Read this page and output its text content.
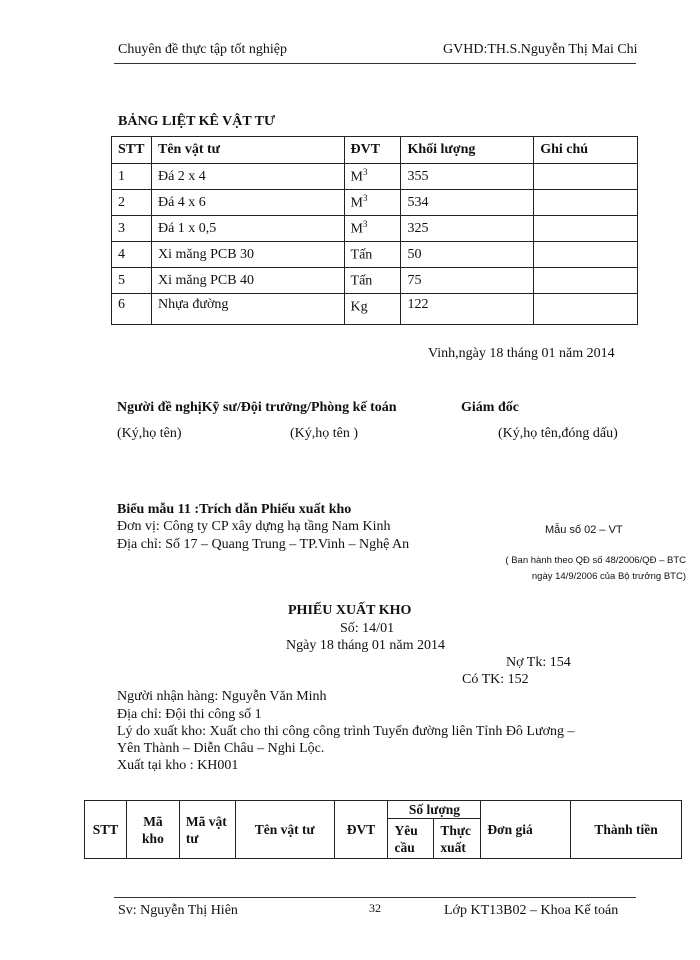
Chuyên đề thực tập tốt nghiệp	GVHD:TH.S.Nguyễn Thị Mai Chi
BẢNG LIỆT KÊ VẬT TƯ
STT	Tên vật tư	ĐVT	Khối lượng	Ghi chú
1	Đá 2 x 4	$M^3$	355	
2	Đá 4 x 6	$M^3$	534	
3	Đá 1 x 0,5	$M^3$	325	
4	Xi măng PCB 30	Tấn	50	
5	Xi măng PCB 40	Tấn	75	
6	Nhựa đường	Kg	122	
Vinh,ngày 18 tháng 01 năm 2014
Người đề nghịKỹ sư/Đội trưởng/Phòng kế toán	Giám đốc
(Ký,họ tên)	(Ký,họ tên )	(Ký,họ tên,đóng dấu)
Biểu mẫu 11 :Trích dẫn Phiếu xuất kho
Đơn vị: Công ty CP xây dựng hạ tầng Nam Kinh
Địa chỉ: Số 17 – Quang Trung – TP.Vinh – Nghệ An
Mẫu số 02 – VT
( Ban hành theo QĐ số 48/2006/QĐ – BTC
ngày 14/9/2006 của Bộ trưởng BTC)
PHIẾU XUẤT KHO
Số: 14/01
Ngày 18 tháng 01 năm 2014
Nợ Tk: 154
Có TK: 152
Người nhận hàng: Nguyễn Văn Minh
Địa chỉ: Đội thi công số 1
Lý do xuất kho: Xuất cho thi công công trình Tuyến đường liên Tỉnh Đô Lương –
Yên Thành – Diễn Châu – Nghi Lộc.
Xuất tại kho : KH001
STT	Mã kho	Mã vật tư	Tên vật tư	ĐVT	Số lượng		Đơn giá	Thành tiền
					Yêu cầu	Thực xuất		
Sv: Nguyễn Thị Hiên	32	Lớp KT13B02 – Khoa Kế toán
